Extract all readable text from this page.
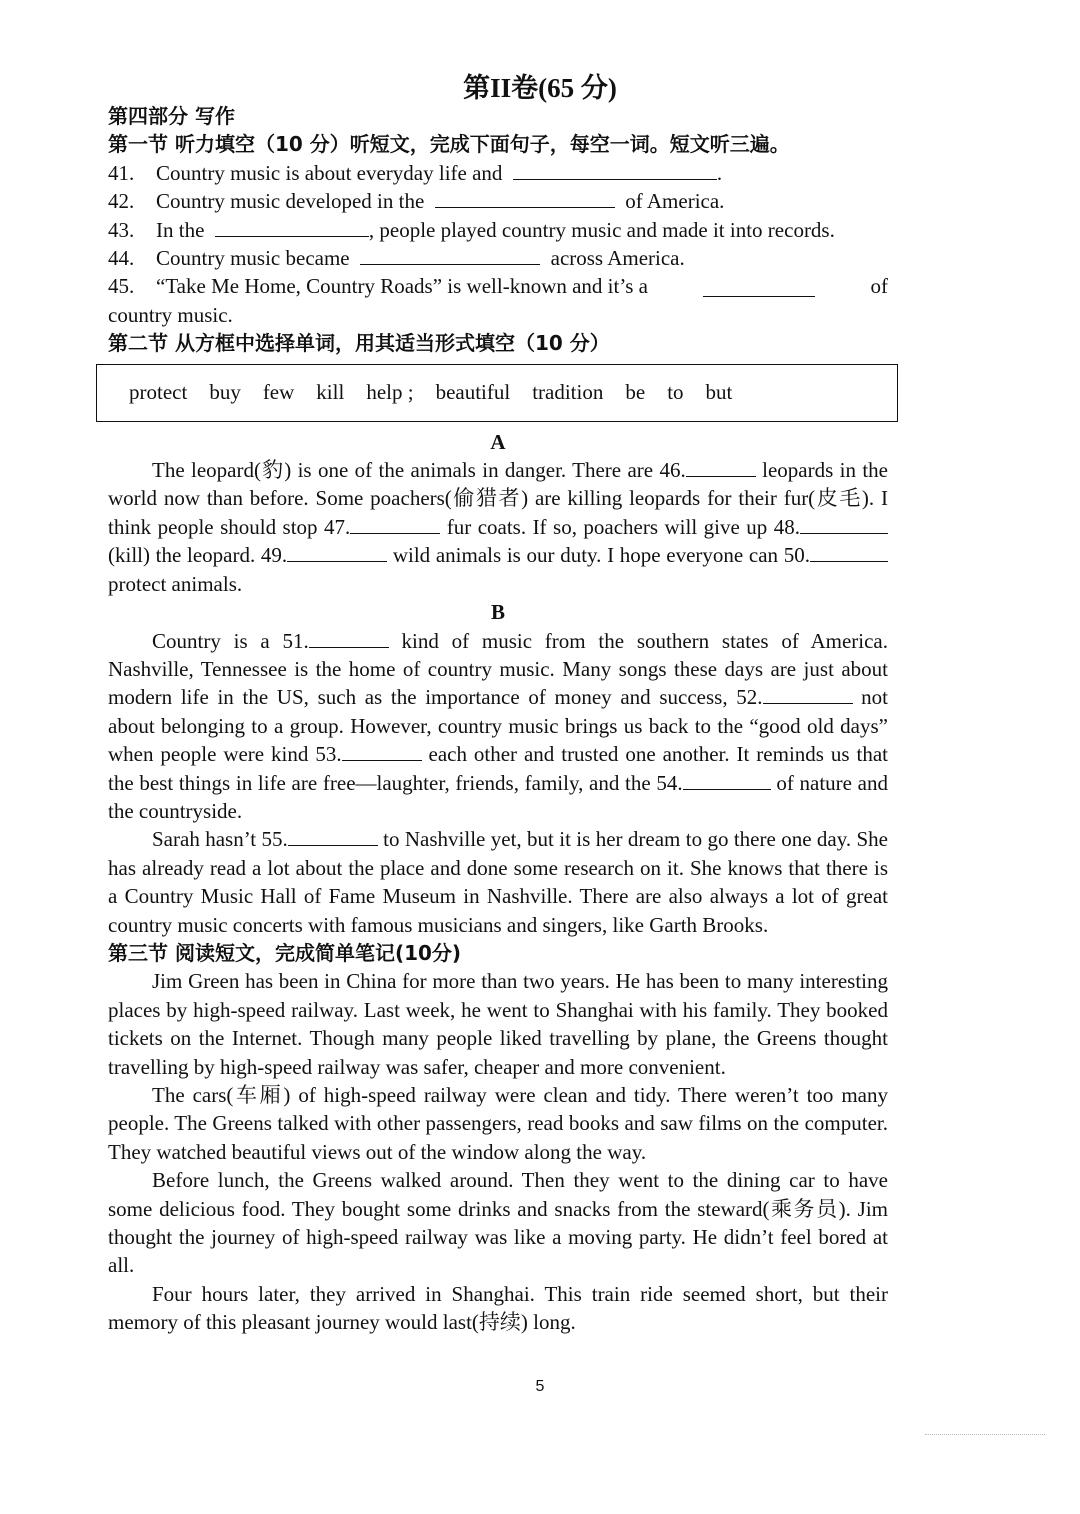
第II卷(65 分)
第四部分 写作
第一节 听力填空（10 分）听短文，完成下面句子，每空一词。短文听三遍。
41.	Country music is about everyday life and	.
42.	Country music developed in the	of America.
43.	In the	, people played country music and made it into records.
44.	Country music became	across America.
45.	“Take Me Home, Country Roads” is well-known and it’s a	of
country music.
第二节 从方框中选择单词，用其适当形式填空（10 分）
protect buy few kill help ; beautiful tradition be to but
A
The leopard(豹) is one of the animals in danger. There are 46.	leopards in the world now than before. Some poachers(偷猎者) are killing leopards for their fur(皮毛). I think people should stop 47.	fur coats. If so, poachers will give up 48.(kill) the leopard. 49.	wild animals is our duty. I hope everyone can 50.protect animals.
B
Country is a 51.	kind of music from the southern states of America. Nashville, Tennessee is the home of country music. Many songs these days are just about modern life in the US, such as the importance of money and success, 52.	not about belonging to a group. However, country music brings us back to the “good old days” when people were kind 53.	each other and trusted one another. It reminds us that the best things in life are free—laughter, friends, family, and the 54.	of nature and the countryside.
Sarah hasn’t 55.	to Nashville yet, but it is her dream to go there one day. She has already read a lot about the place and done some research on it. She knows that there is a Country Music Hall of Fame Museum in Nashville. There are also always a lot of great country music concerts with famous musicians and singers, like Garth Brooks.
第三节 阅读短文，完成简单笔记(10分)
Jim Green has been in China for more than two years. He has been to many interesting places by high-speed railway. Last week, he went to Shanghai with his family. They booked tickets on the Internet. Though many people liked travelling by plane, the Greens thought travelling by high-speed railway was safer, cheaper and more convenient.
The cars(车厢) of high-speed railway were clean and tidy. There weren’t too many people. The Greens talked with other passengers, read books and saw films on the computer. They watched beautiful views out of the window along the way.
Before lunch, the Greens walked around. Then they went to the dining car to have some delicious food. They bought some drinks and snacks from the steward(乘务员). Jim thought the journey of high-speed railway was like a moving party. He didn’t feel bored at all.
Four hours later, they arrived in Shanghai. This train ride seemed short, but their memory of this pleasant journey would last(持续) long.
5
